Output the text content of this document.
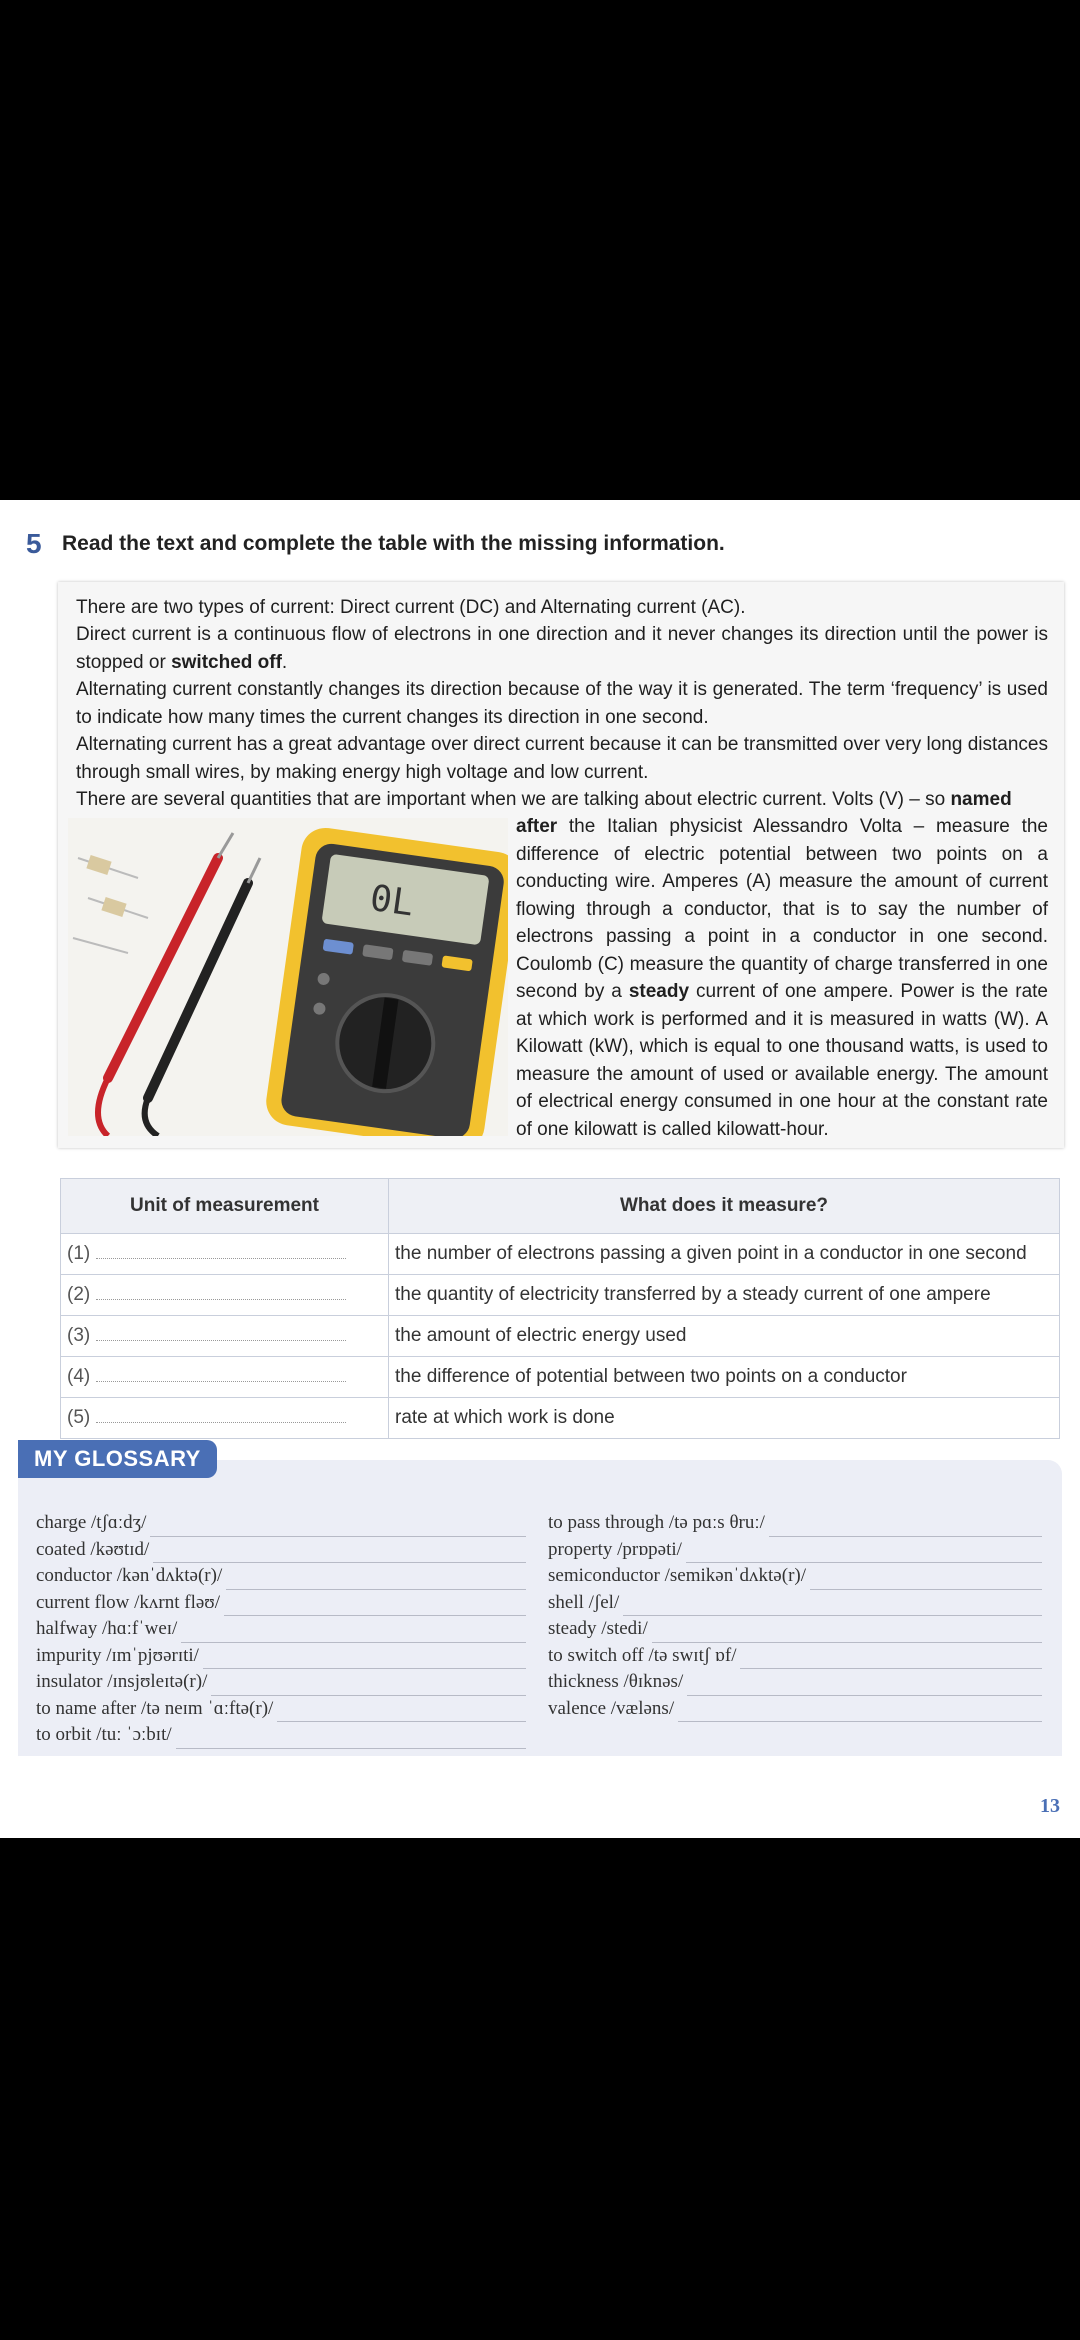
5 Read the text and complete the table with the missing information.
There are two types of current: Direct current (DC) and Alternating current (AC).
Direct current is a continuous flow of electrons in one direction and it never changes its direction until the power is stopped or switched off.
Alternating current constantly changes its direction because of the way it is generated. The term ‘frequency’ is used to indicate how many times the current changes its direction in one second.
Alternating current has a great advantage over direct current because it can be transmitted over very long distances through small wires, by making energy high voltage and low current.
There are several quantities that are important when we are talking about electric current. Volts (V) – so named
0L
after the Italian physicist Alessandro Volta – measure the difference of electric potential between two points on a conducting wire. Amperes (A) measure the amount of current flowing through a conductor, that is to say the number of electrons passing a point in a conductor in one second. Coulomb (C) measure the quantity of charge transferred in one second by a steady current of one ampere. Power is the rate at which work is performed and it is measured in watts (W). A Kilowatt (kW), which is equal to one thousand watts, is used to measure the amount of used or available energy. The amount of electrical energy consumed in one hour at the constant rate of one kilowatt is called kilowatt-hour.
Unit of measurement	What does it measure?
(1)	the number of electrons passing a given point in a conductor in one second
(2)	the quantity of electricity transferred by a steady current of one ampere
(3)	the amount of electric energy used
(4)	the difference of potential between two points on a conductor
(5)	rate at which work is done
MY GLOSSARY
charge /tʃɑːdʒ/
coated /kəʊtɪd/
conductor /kənˈdʌktə(r)/
current flow /kʌrnt fləʊ/
halfway /hɑːfˈweɪ/
impurity /ɪmˈpjʊərɪti/
insulator /ɪnsjʊleɪtə(r)/
to name after /tə neɪm ˈɑːftə(r)/
to orbit /tuː ˈɔːbɪt/
to pass through /tə pɑːs θruː/
property /prɒpəti/
semiconductor /semikənˈdʌktə(r)/
shell /ʃel/
steady /stedi/
to switch off /tə swɪtʃ ɒf/
thickness /θɪknəs/
valence /væləns/
13
